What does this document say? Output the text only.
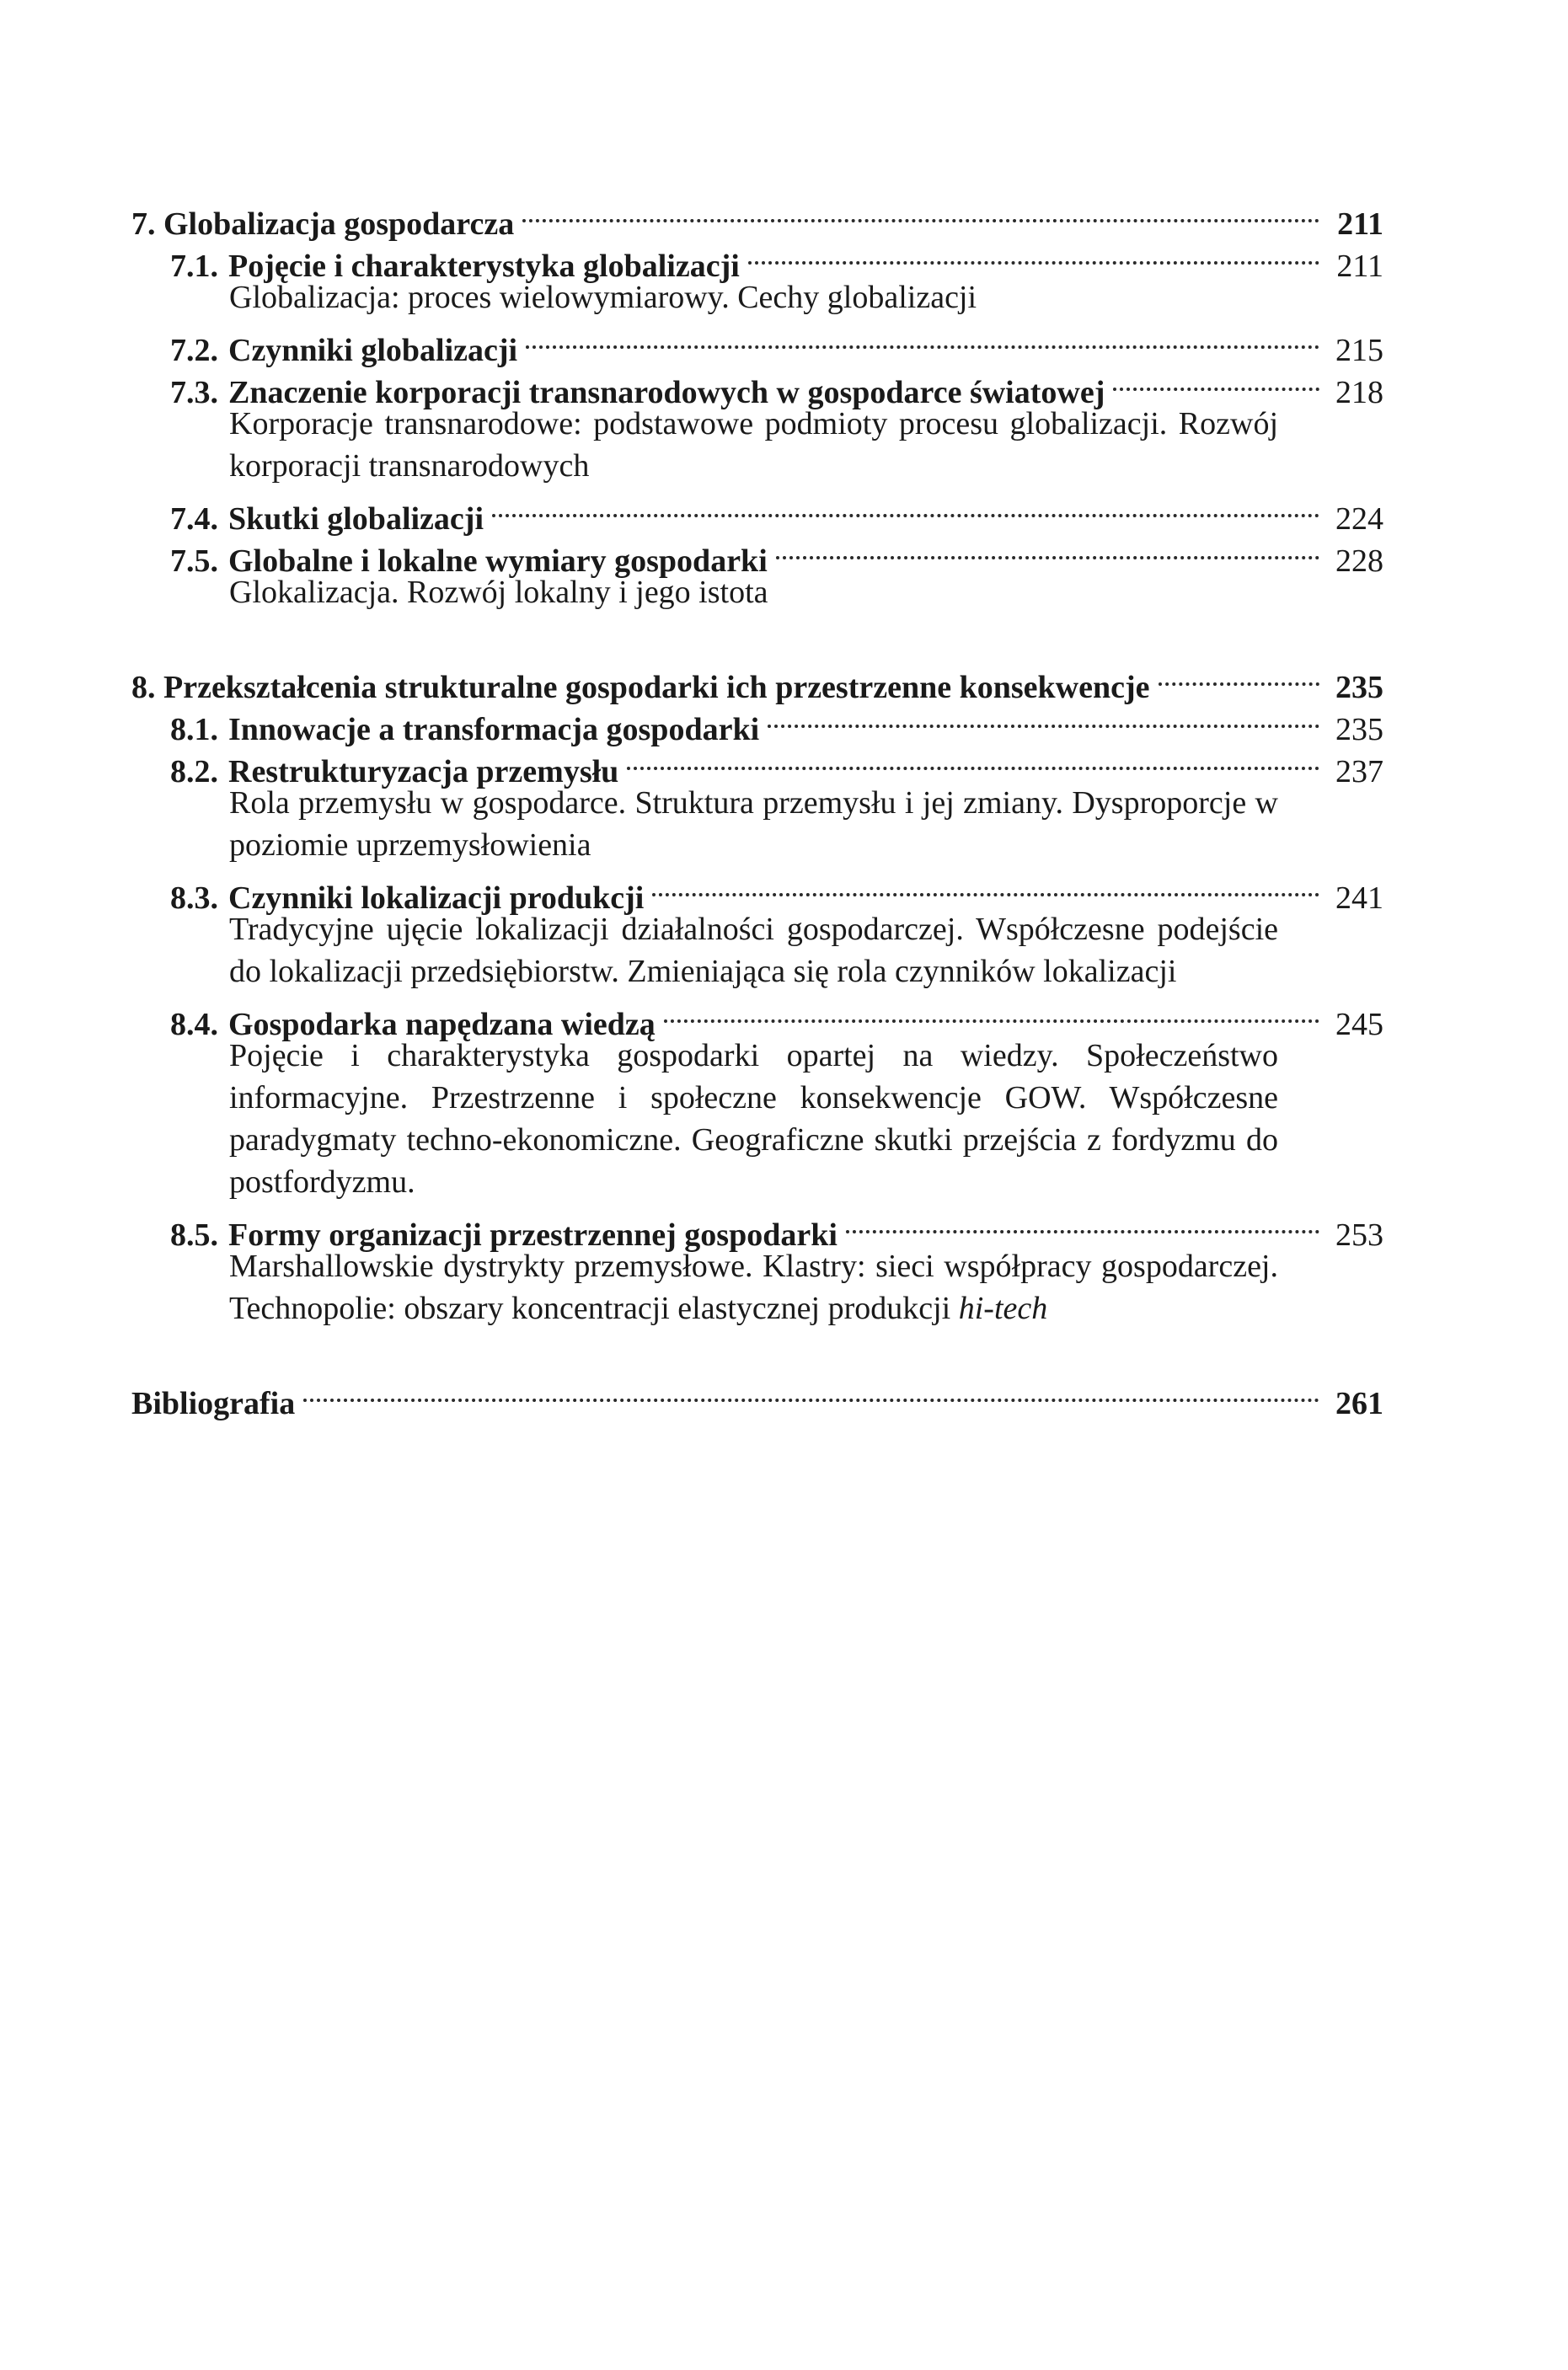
7. Globalizacja gospodarcza	211
7.1. Pojęcie i charakterystyka globalizacji	211
Globalizacja: proces wielowymiarowy. Cechy globalizacji
7.2. Czynniki globalizacji	215
7.3. Znaczenie korporacji transnarodowych w gospodarce światowej	218
Korporacje transnarodowe: podstawowe podmioty procesu globalizacji. Rozwój korporacji transnarodowych
7.4. Skutki globalizacji	224
7.5. Globalne i lokalne wymiary gospodarki	228
Glokalizacja. Rozwój lokalny i jego istota
8. Przekształcenia strukturalne gospodarki ich przestrzenne konsekwencje	235
8.1. Innowacje a transformacja gospodarki	235
8.2. Restrukturyzacja przemysłu	237
Rola przemysłu w gospodarce. Struktura przemysłu i jej zmiany. Dysproporcje w poziomie uprzemysłowienia
8.3. Czynniki lokalizacji produkcji	241
Tradycyjne ujęcie lokalizacji działalności gospodarczej. Współczesne podejście do lokalizacji przedsiębiorstw. Zmieniająca się rola czynników lokalizacji
8.4. Gospodarka napędzana wiedzą	245
Pojęcie i charakterystyka gospodarki opartej na wiedzy. Społeczeństwo informacyjne. Przestrzenne i społeczne konsekwencje GOW. Współczesne paradygmaty techno-ekonomiczne. Geograficzne skutki przejścia z fordyzmu do postfordyzmu.
8.5. Formy organizacji przestrzennej gospodarki	253
Marshallowskie dystrykty przemysłowe. Klastry: sieci współpracy gospodarczej. Technopolie: obszary koncentracji elastycznej produkcji hi-tech
Bibliografia	261
